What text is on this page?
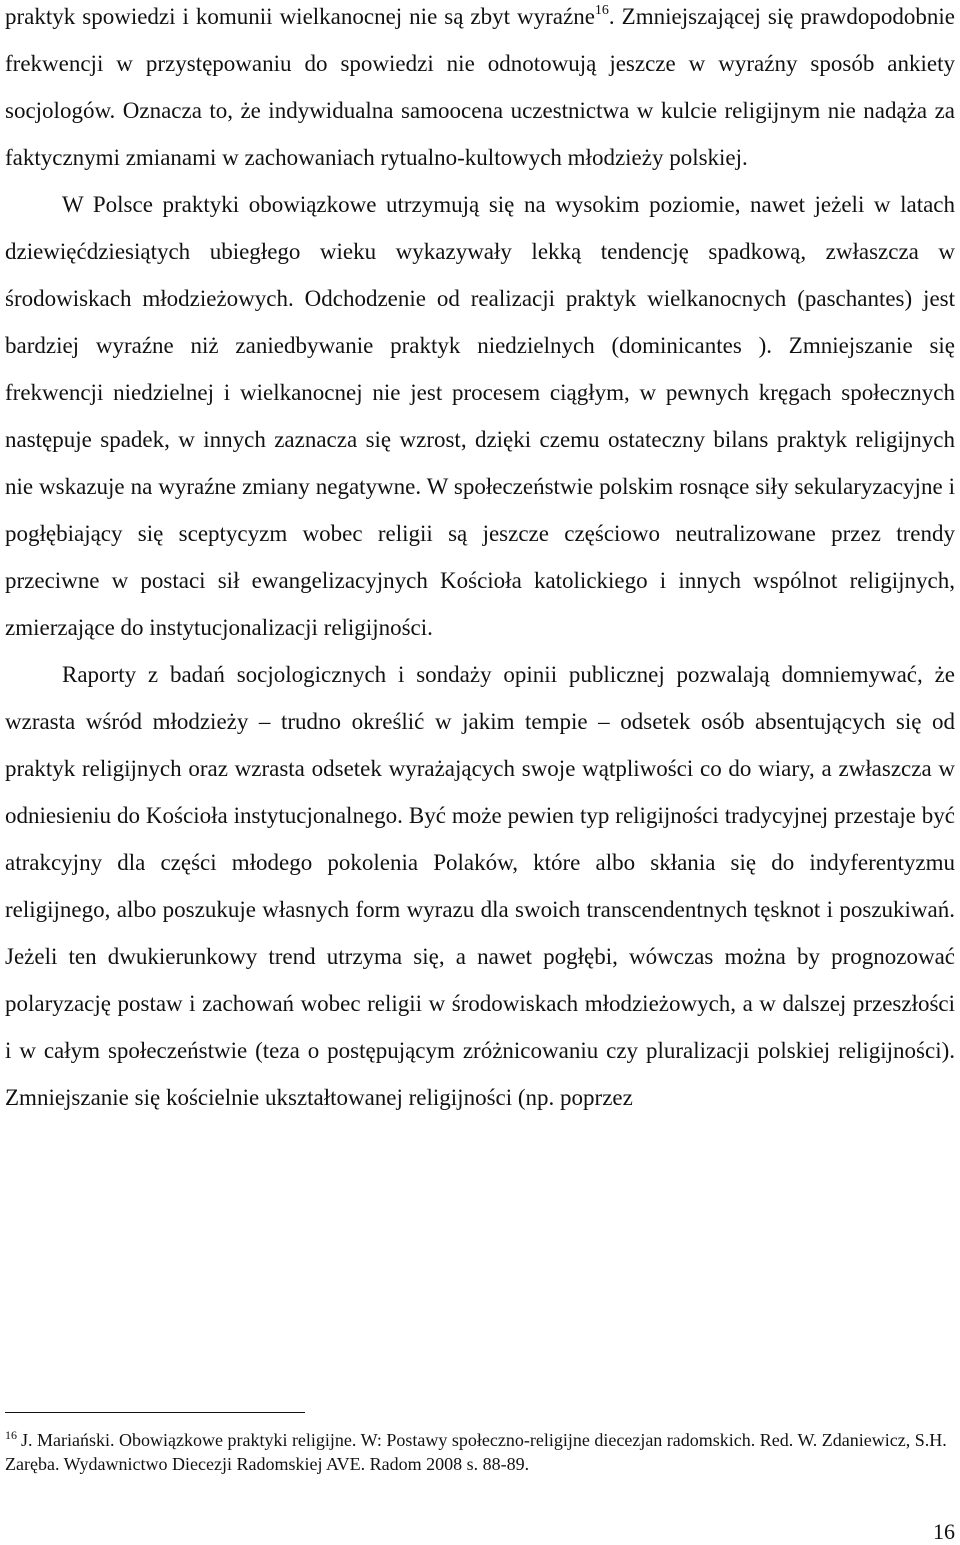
praktyk spowiedzi i komunii wielkanocnej nie są zbyt wyraźne$^{16}$. Zmniejszającej się prawdopodobnie frekwencji w przystępowaniu do spowiedzi nie odnotowują jeszcze w wyraźny sposób ankiety socjologów. Oznacza to, że indywidualna samoocena uczestnictwa w kulcie religijnym nie nadąża za faktycznymi zmianami w zachowaniach rytualno-kultowych młodzieży polskiej.

W Polsce praktyki obowiązkowe utrzymują się na wysokim poziomie, nawet jeżeli w latach dziewięćdziesiątych ubiegłego wieku wykazywały lekką tendencję spadkową, zwłaszcza w środowiskach młodzieżowych. Odchodzenie od realizacji praktyk wielkanocnych (paschantes) jest bardziej wyraźne niż zaniedbywanie praktyk niedzielnych (dominicantes ). Zmniejszanie się frekwencji niedzielnej i wielkanocnej nie jest procesem ciągłym, w pewnych kręgach społecznych następuje spadek, w innych zaznacza się wzrost, dzięki czemu ostateczny bilans praktyk religijnych nie wskazuje na wyraźne zmiany negatywne. W społeczeństwie polskim rosnące siły sekularyzacyjne i pogłębiający się sceptycyzm wobec religii są jeszcze częściowo neutralizowane przez trendy przeciwne w postaci sił ewangelizacyjnych Kościoła katolickiego i innych wspólnot religijnych, zmierzające do instytucjonalizacji religijności.

Raporty z badań socjologicznych i sondaży opinii publicznej pozwalają domniemywać, że wzrasta wśród młodzieży – trudno określić w jakim tempie – odsetek osób absentujących się od praktyk religijnych oraz wzrasta odsetek wyrażających swoje wątpliwości co do wiary, a zwłaszcza w odniesieniu do Kościoła instytucjonalnego. Być może pewien typ religijności tradycyjnej przestaje być atrakcyjny dla części młodego pokolenia Polaków, które albo skłania się do indyferentyzmu religijnego, albo poszukuje własnych form wyrazu dla swoich transcendentnych tęsknot i poszukiwań. Jeżeli ten dwukierunkowy trend utrzyma się, a nawet pogłębi, wówczas można by prognozować polaryzację postaw i zachowań wobec religii w środowiskach młodzieżowych, a w dalszej przeszłości i w całym społeczeństwie (teza o postępującym zróżnicowaniu czy pluralizacji polskiej religijności). Zmniejszanie się kościelnie ukształtowanej religijności (np. poprzez

$^{16}$ J. Mariański. Obowiązkowe praktyki religijne. W: Postawy społeczno-religijne diecezjan radomskich. Red. W. Zdaniewicz, S.H. Zaręba. Wydawnictwo Diecezji Radomskiej AVE. Radom 2008 s. 88-89.

16
